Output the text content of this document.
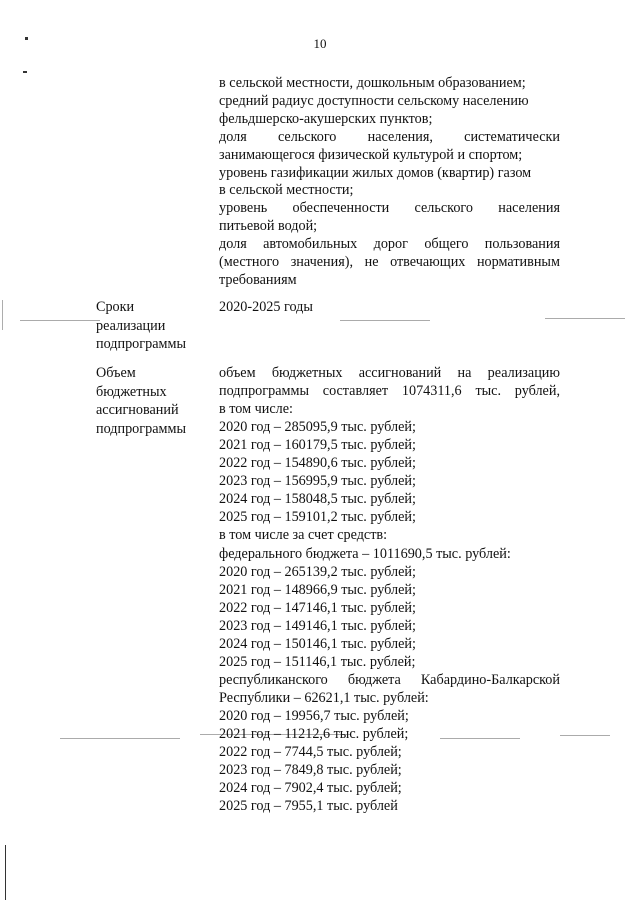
10
в сельской местности, дошкольным образованием;
средний радиус доступности сельскому населению
фельдшерско-акушерских пунктов;
доля сельского населения, систематически
занимающегося физической культурой и спортом;
уровень газификации жилых домов (квартир) газом
в сельской местности;
уровень обеспеченности сельского населения
питьевой водой;
доля автомобильных дорог общего пользования
(местного значения), не отвечающих нормативным
требованиям
Сроки
реализации
подпрограммы
2020-2025 годы
Объем
бюджетных
ассигнований
подпрограммы
объем бюджетных ассигнований на реализацию
подпрограммы составляет 1074311,6 тыс. рублей,
в том числе:
2020 год – 285095,9 тыс. рублей;
2021 год – 160179,5 тыс. рублей;
2022 год – 154890,6 тыс. рублей;
2023 год – 156995,9 тыс. рублей;
2024 год – 158048,5 тыс. рублей;
2025 год – 159101,2 тыс. рублей;
в том числе за счет средств:
федерального бюджета – 1011690,5 тыс. рублей:
2020 год – 265139,2 тыс. рублей;
2021 год – 148966,9 тыс. рублей;
2022 год – 147146,1 тыс. рублей;
2023 год – 149146,1 тыс. рублей;
2024 год – 150146,1 тыс. рублей;
2025 год – 151146,1 тыс. рублей;
республиканского бюджета Кабардино-Балкарской
Республики – 62621,1 тыс. рублей:
2020 год – 19956,7 тыс. рублей;
2021 год – 11212,6 тыс. рублей;
2022 год – 7744,5 тыс. рублей;
2023 год – 7849,8 тыс. рублей;
2024 год – 7902,4 тыс. рублей;
2025 год – 7955,1 тыс. рублей
